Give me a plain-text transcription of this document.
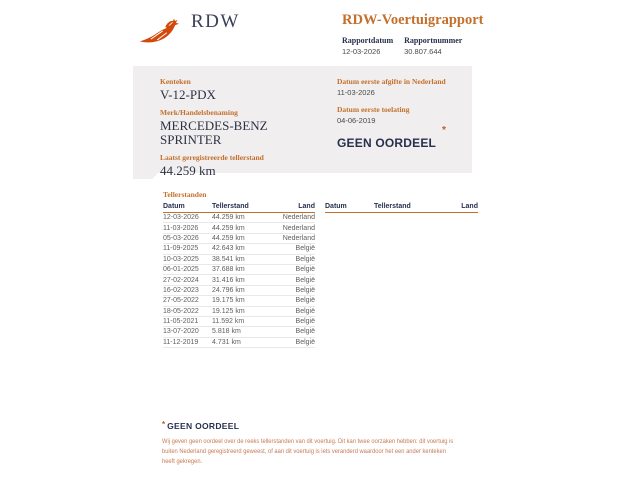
RDW	RDW-Voertuigrapport
Rapportdatum
12-03-2026
Rapportnummer
30.807.644
Kenteken
V-12-PDX
Merk/Handelsbenaming
MERCEDES-BENZ
SPRINTER
Laatst geregistreerde tellerstand
44.259 km
Datum eerste afgifte in Nederland
11-03-2026
Datum eerste toelating
04-06-2019
GEEN OORDEEL
*
Tellerstanden
Datum	Tellerstand	Land
12-03-2026	44.259 km	Nederland
11-03-2026	44.259 km	Nederland
05-03-2026	44.259 km	Nederland
11-09-2025	42.643 km	België
10-03-2025	38.541 km	België
06-01-2025	37.688 km	België
27-02-2024	31.416 km	België
16-02-2023	24.796 km	België
27-05-2022	19.175 km	België
18-05-2022	19.125 km	België
11-05-2021	11.592 km	België
13-07-2020	5.818 km	België
11-12-2019	4.731 km	België
Datum	Tellerstand	Land
* GEEN OORDEEL
Wij geven geen oordeel over de reeks tellerstanden van dit voertuig. Dit kan twee oorzaken hebben: dit voertuig is
buiten Nederland geregistreerd geweest, of aan dit voertuig is iets veranderd waardoor het een ander kenteken
heeft gekregen.
